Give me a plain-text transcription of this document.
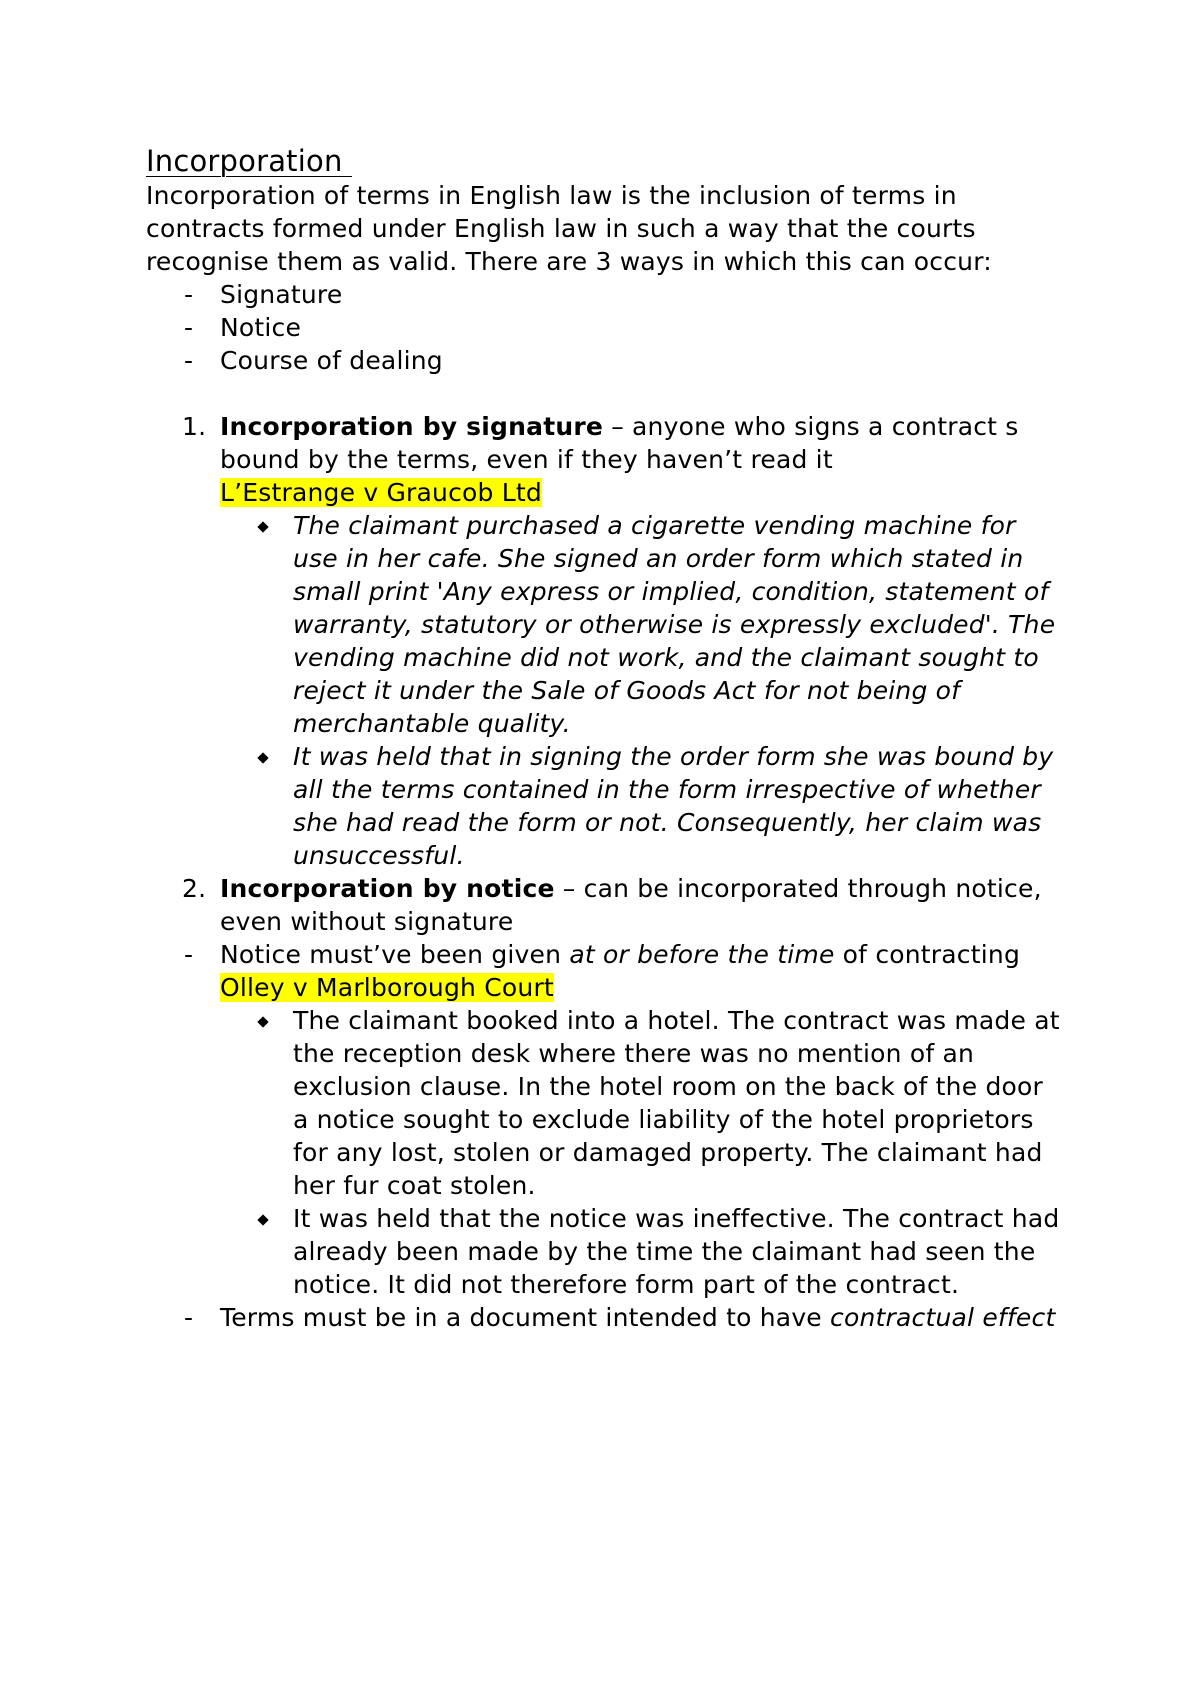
Incorporation

Incorporation of terms in English law is the inclusion of terms in contracts formed under English law in such a way that the courts recognise them as valid. There are 3 ways in which this can occur:

- Signature
- Notice
- Course of dealing
1. Incorporation by signature – anyone who signs a contract s bound by the terms, even if they haven’t read it
L’Estrange v Graucob Ltd
The claimant purchased a cigarette vending machine for use in her cafe. She signed an order form which stated in small print 'Any express or implied, condition, statement of warranty, statutory or otherwise is expressly excluded'. The vending machine did not work, and the claimant sought to reject it under the Sale of Goods Act for not being of merchantable quality.
It was held that in signing the order form she was bound by all the terms contained in the form irrespective of whether she had read the form or not. Consequently, her claim was unsuccessful.
2. Incorporation by notice – can be incorporated through notice, even without signature
- Notice must’ve been given at or before the time of contracting
Olley v Marlborough Court
The claimant booked into a hotel. The contract was made at the reception desk where there was no mention of an exclusion clause. In the hotel room on the back of the door a notice sought to exclude liability of the hotel proprietors for any lost, stolen or damaged property. The claimant had her fur coat stolen.
It was held that the notice was ineffective. The contract had already been made by the time the claimant had seen the notice. It did not therefore form part of the contract.
- Terms must be in a document intended to have contractual effect
